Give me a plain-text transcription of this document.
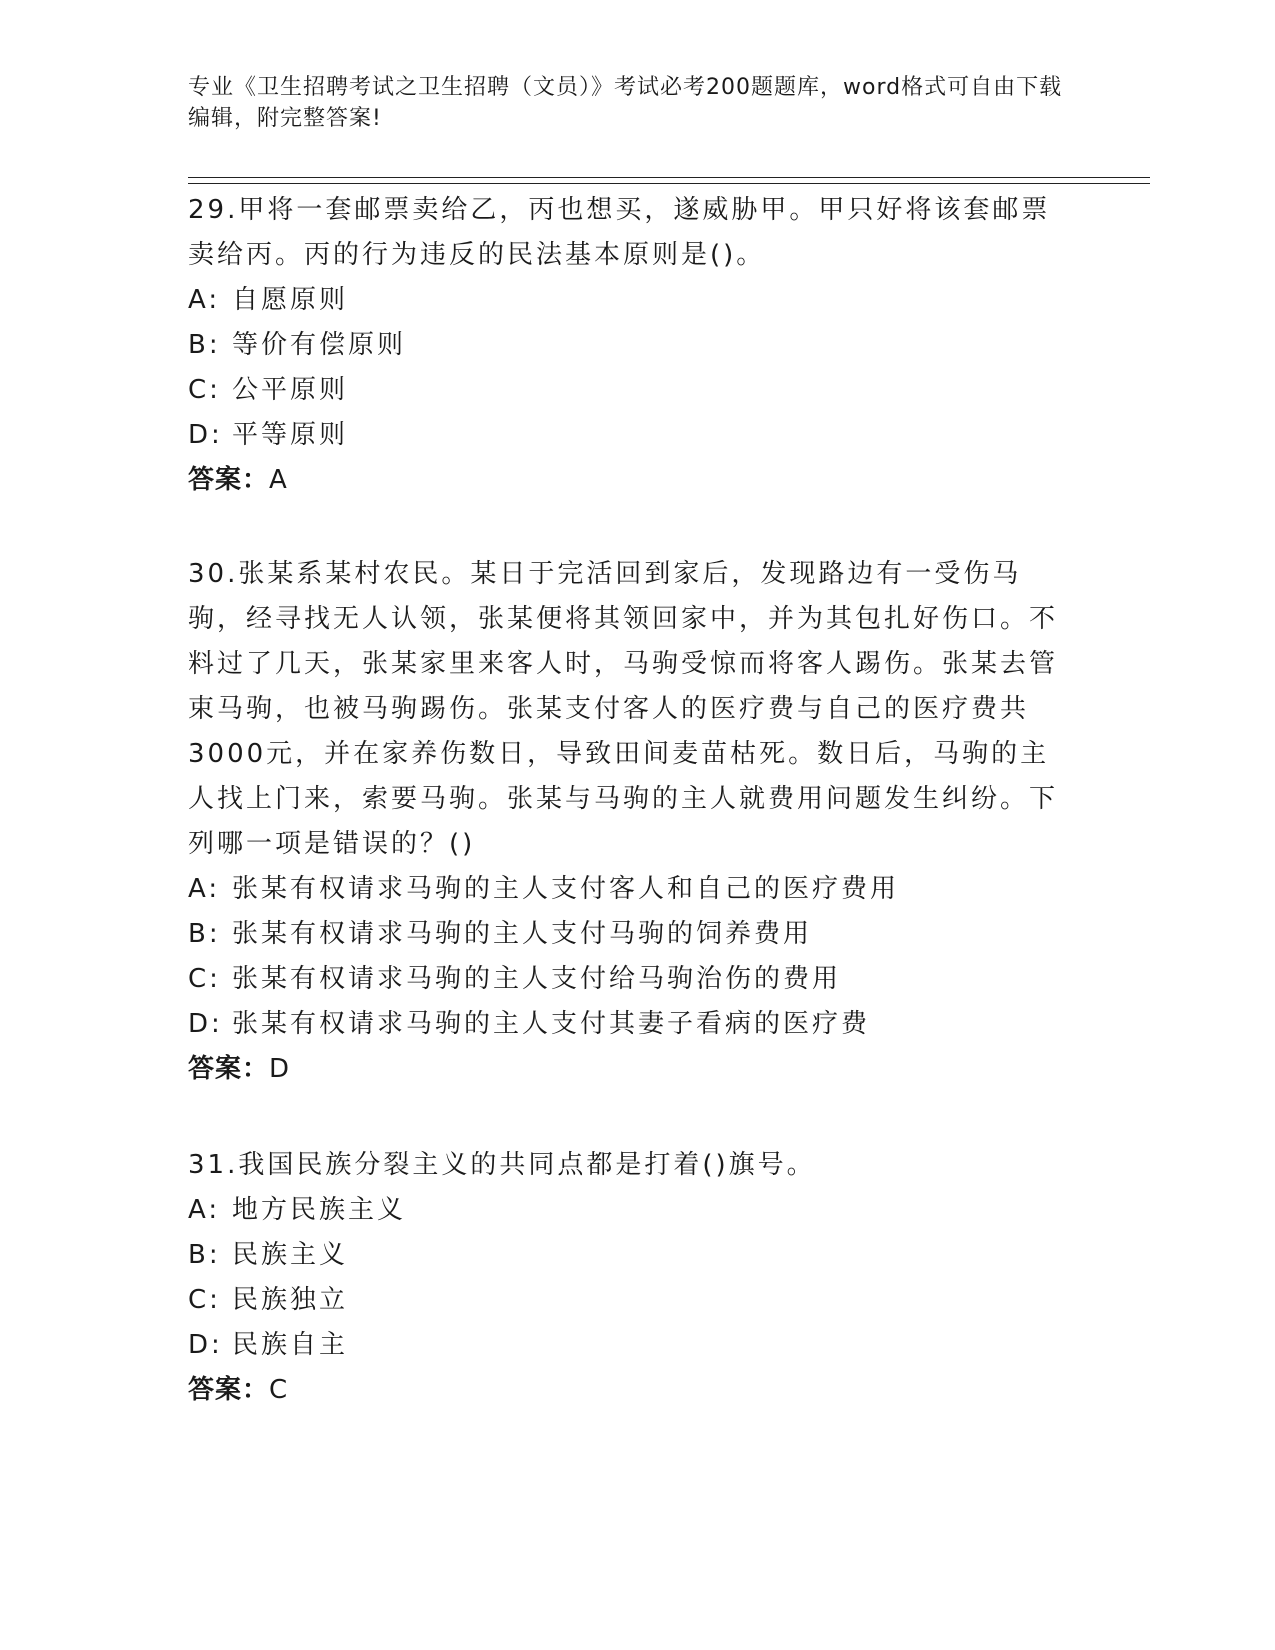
专业《卫生招聘考试之卫生招聘（文员）》考试必考200题题库，word格式可自由下载编辑，附完整答案!

29.甲将一套邮票卖给乙，丙也想买，遂威胁甲。甲只好将该套邮票卖给丙。丙的行为违反的民法基本原则是()。

A: 自愿原则

B: 等价有偿原则

C: 公平原则

D: 平等原则

答案：A

30.张某系某村农民。某日于完活回到家后，发现路边有一受伤马驹，经寻找无人认领，张某便将其领回家中，并为其包扎好伤口。不料过了几天，张某家里来客人时，马驹受惊而将客人踢伤。张某去管束马驹，也被马驹踢伤。张某支付客人的医疗费与自己的医疗费共3000元，并在家养伤数日，导致田间麦苗枯死。数日后，马驹的主人找上门来，索要马驹。张某与马驹的主人就费用问题发生纠纷。下列哪一项是错误的？()

A: 张某有权请求马驹的主人支付客人和自己的医疗费用

B: 张某有权请求马驹的主人支付马驹的饲养费用

C: 张某有权请求马驹的主人支付给马驹治伤的费用

D: 张某有权请求马驹的主人支付其妻子看病的医疗费

答案：D

31.我国民族分裂主义的共同点都是打着()旗号。

A: 地方民族主义

B: 民族主义

C: 民族独立

D: 民族自主

答案：C
